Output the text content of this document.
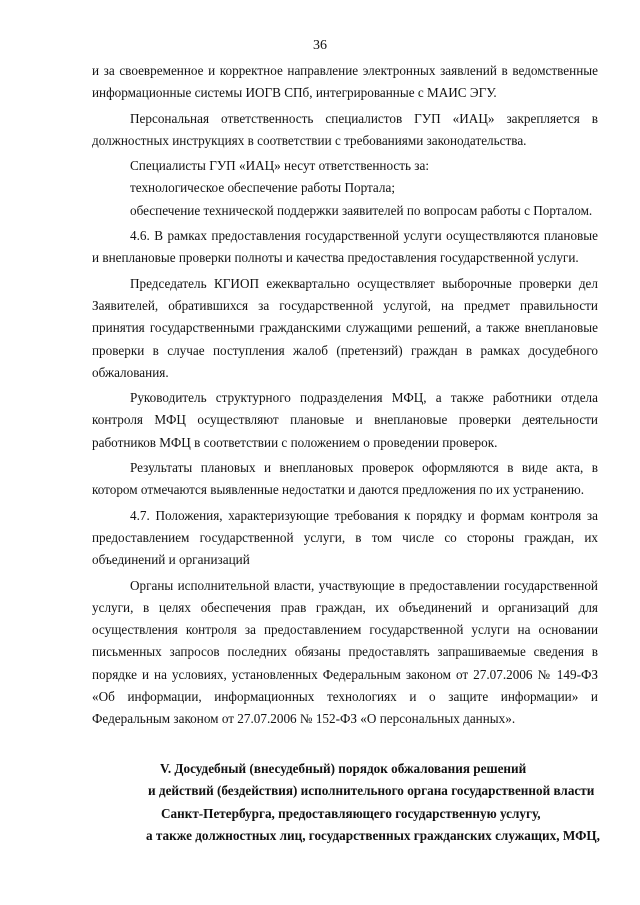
36

и за своевременное и корректное направление электронных заявлений в ведомственные информационные системы ИОГВ СПб, интегрированные с МАИС ЭГУ.

Персональная ответственность специалистов ГУП «ИАЦ» закрепляется в должностных инструкциях в соответствии с требованиями законодательства.

Специалисты ГУП «ИАЦ» несут ответственность за:

технологическое обеспечение работы Портала;

обеспечение технической поддержки заявителей по вопросам работы с Порталом.

4.6. В рамках предоставления государственной услуги осуществляются плановые и внеплановые проверки полноты и качества предоставления государственной услуги.

Председатель КГИОП ежеквартально осуществляет выборочные проверки дел Заявителей, обратившихся за государственной услугой, на предмет правильности принятия государственными гражданскими служащими решений, а также внеплановые проверки в случае поступления жалоб (претензий) граждан в рамках досудебного обжалования.

Руководитель структурного подразделения МФЦ, а также работники отдела контроля МФЦ осуществляют плановые и внеплановые проверки деятельности работников МФЦ в соответствии с положением о проведении проверок.

Результаты плановых и внеплановых проверок оформляются в виде акта, в котором отмечаются выявленные недостатки и даются предложения по их устранению.

4.7. Положения, характеризующие требования к порядку и формам контроля за предоставлением государственной услуги, в том числе со стороны граждан, их объединений и организаций

Органы исполнительной власти, участвующие в предоставлении государственной услуги, в целях обеспечения прав граждан, их объединений и организаций для осуществления контроля за предоставлением государственной услуги на основании письменных запросов последних обязаны предоставлять запрашиваемые сведения в порядке и на условиях, установленных Федеральным законом от 27.07.2006 № 149-ФЗ «Об информации, информационных технологиях и о защите информации» и Федеральным законом от 27.07.2006 № 152-ФЗ «О персональных данных».

V. Досудебный (внесудебный) порядок обжалования решений
и действий (бездействия) исполнительного органа государственной власти
Санкт-Петербурга, предоставляющего государственную услугу,
а также должностных лиц, государственных гражданских служащих, МФЦ,
